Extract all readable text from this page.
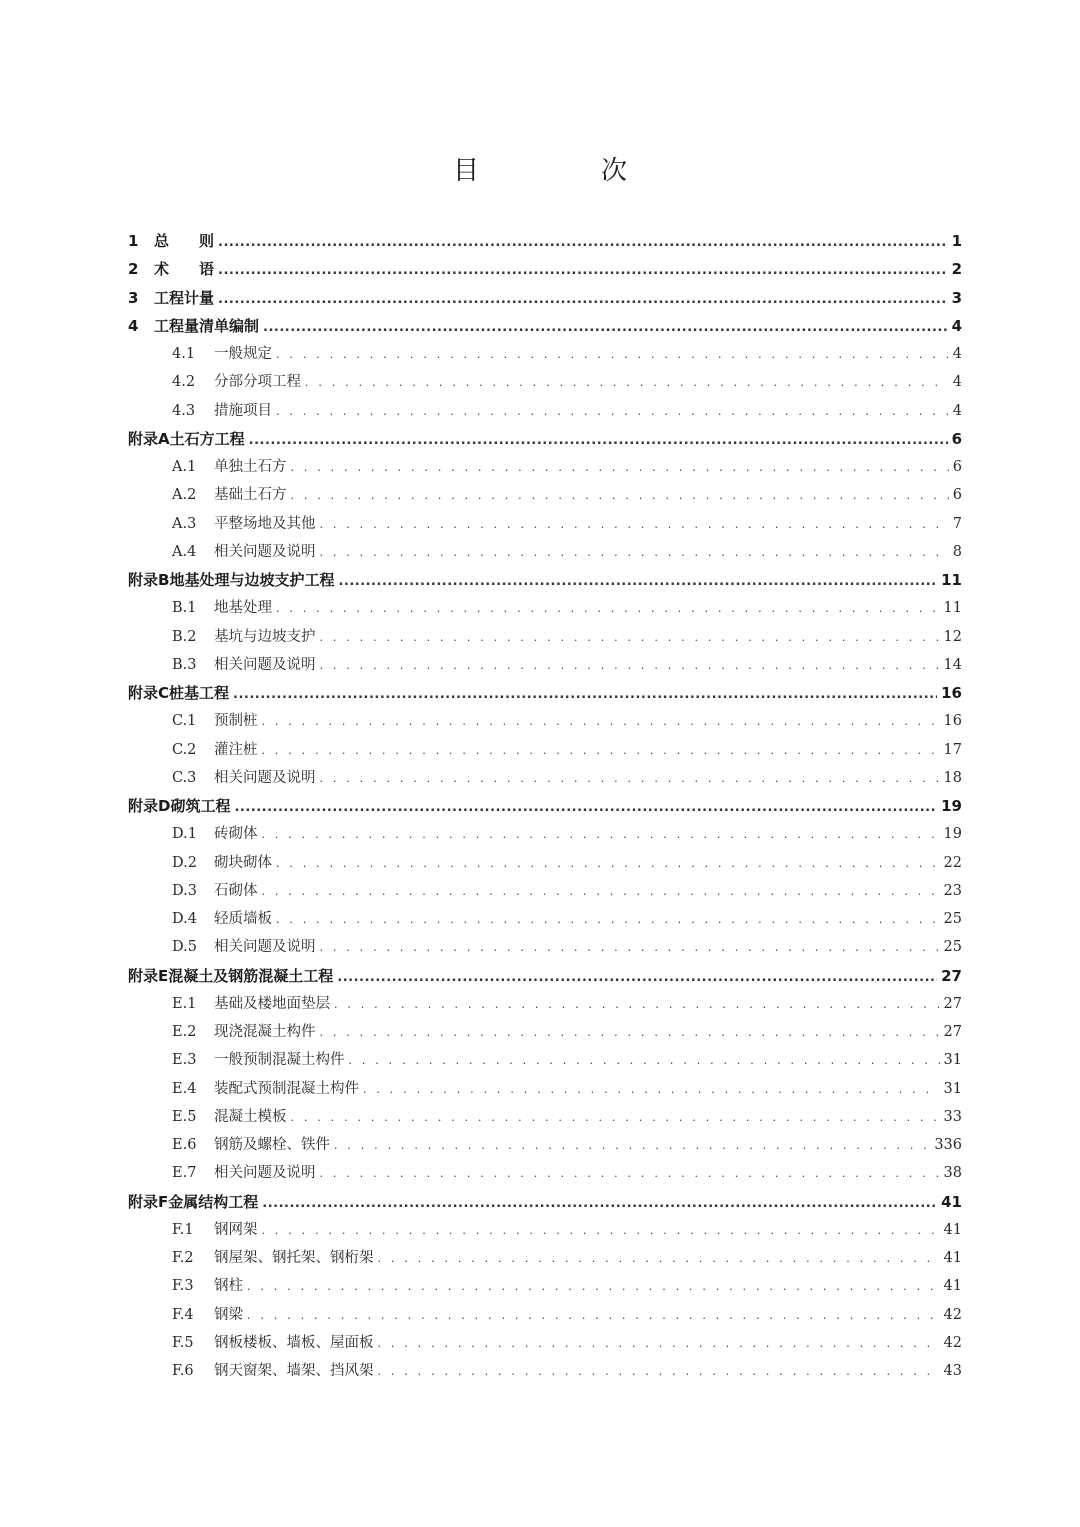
目　次
1	总　　则 .....	1
2	术　　语 .....	2
3	工程计量 .....	3
4	工程量清单编制 .....	4
4.1	一般规定 . . .	4
4.2	分部分项工程 . . .	4
4.3	措施项目 . . .	4
附录A 土石方工程 .....	6
A.1	单独土石方 . . .	6
A.2	基础土石方 . . .	6
A.3	平整场地及其他 . . .	7
A.4	相关问题及说明 . . .	8
附录B 地基处理与边坡支护工程 .....	11
B.1	地基处理 . . .	11
B.2	基坑与边坡支护 . . .	12
B.3	相关问题及说明 . . .	14
附录C 桩基工程 .....	16
C.1	预制桩 . . .	16
C.2	灌注桩 . . .	17
C.3	相关问题及说明 . . .	18
附录D 砌筑工程 .....	19
D.1	砖砌体 . . .	19
D.2	砌块砌体 . . .	22
D.3	石砌体 . . .	23
D.4	轻质墙板 . . .	25
D.5	相关问题及说明 . . .	25
附录E 混凝土及钢筋混凝土工程 .....	27
E.1	基础及楼地面垫层 . . .	27
E.2	现浇混凝土构件 . . .	27
E.3	一般预制混凝土构件 . . .	31
E.4	装配式预制混凝土构件 . . .	31
E.5	混凝土模板 . . .	33
E.6	钢筋及螺栓、铁件 . . .	336
E.7	相关问题及说明 . . .	38
附录F 金属结构工程 .....	41
F.1	钢网架 . . .	41
F.2	钢屋架、钢托架、钢桁架 . . .	41
F.3	钢柱 . . .	41
F.4	钢梁 . . .	42
F.5	钢板楼板、墙板、屋面板 . . .	42
F.6	钢天窗架、墙架、挡风架 . . .	43
